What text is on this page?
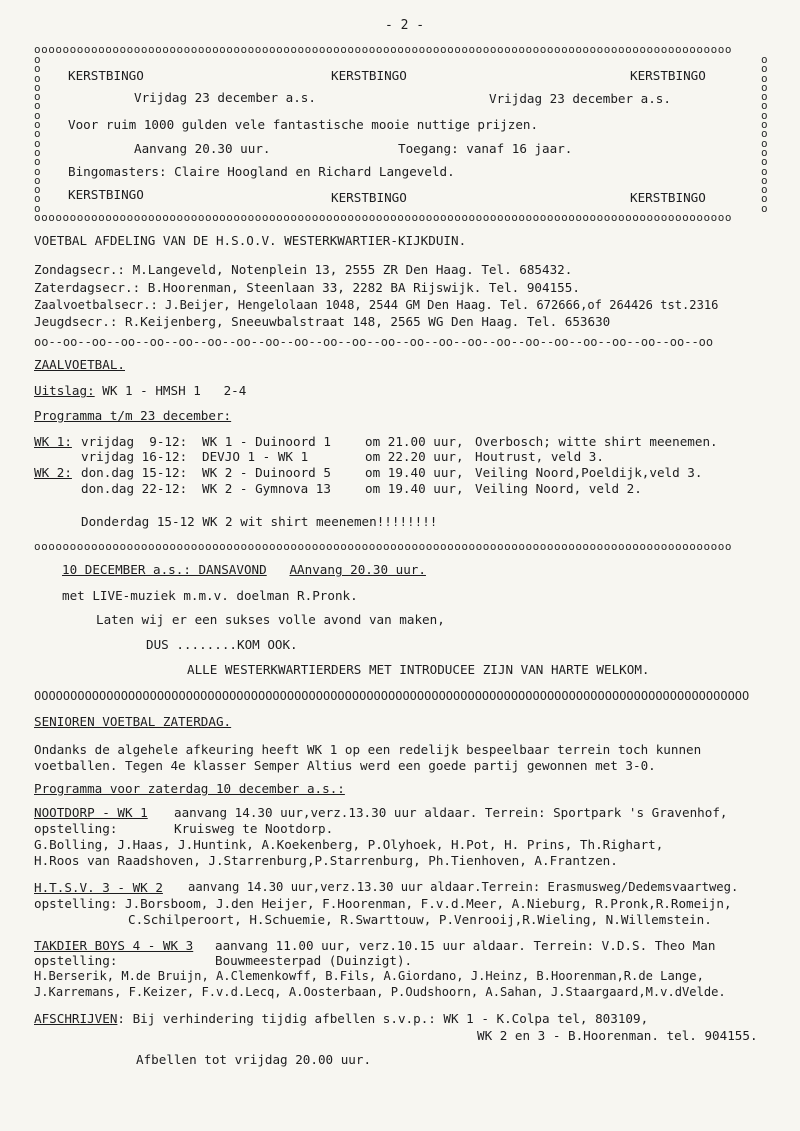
- 2 -
oooooooooooooooooooooooooooooooooooooooooooooooooooooooooooooooooooooooooooooooooooooooooooooooooo
oooooooooooooooooooooooooooooooooooooooooooooooooooooooooooooooooooooooooooooooooooooooooooooooooo
ooooooooooooooooo
ooooooooooooooooo
KERSTBINGO	KERSTBINGO	KERSTBINGO
Vrijdag 23 december a.s.	Vrijdag 23 december a.s.
Voor ruim 1000 gulden vele fantastische mooie nuttige prijzen.
Aanvang 20.30 uur.	Toegang: vanaf 16 jaar.
Bingomasters: Claire Hoogland en Richard Langeveld.
KERSTBINGO	KERSTBINGO	KERSTBINGO
VOETBAL AFDELING VAN DE H.S.O.V. WESTERKWARTIER-KIJKDUIN.
Zondagsecr.: M.Langeveld, Notenplein 13, 2555 ZR Den Haag. Tel. 685432.
Zaterdagsecr.: B.Hoorenman, Steenlaan 33, 2282 BA Rijswijk. Tel. 904155.
Zaalvoetbalsecr.: J.Beijer, Hengelolaan 1048, 2544 GM Den Haag. Tel. 672666,of 264426 tst.2316
Jeugdsecr.: R.Keijenberg, Sneeuwbalstraat 148, 2565 WG Den Haag. Tel. 653630
oo--oo--oo--oo--oo--oo--oo--oo--oo--oo--oo--oo--oo--oo--oo--oo--oo--oo--oo--oo--oo--oo--oo--oo
ZAALVOETBAL.
Uitslag: WK 1 - HMSH 1   2-4
Programma t/m 23 december:
WK 1: vrijdag  9-12: WK 1 - Duinoord 1	om 21.00 uur, Overbosch; witte shirt meenemen.
vrijdag 16-12: DEVJO 1 - WK 1	om 22.20 uur, Houtrust, veld 3.
WK 2: don.dag 15-12: WK 2 - Duinoord 5	om 19.40 uur, Veiling Noord,Poeldijk,veld 3.
don.dag 22-12: WK 2 - Gymnova 13	om 19.40 uur, Veiling Noord, veld 2.
Donderdag 15-12 WK 2 wit shirt meenemen!!!!!!!!
oooooooooooooooooooooooooooooooooooooooooooooooooooooooooooooooooooooooooooooooooooooooooooooooooo
10 DECEMBER a.s.: DANSAVOND AAnvang 20.30 uur.
met LIVE-muziek m.m.v. doelman R.Pronk.
Laten wij er een sukses volle avond van maken,
DUS ........KOM OOK.
ALLE WESTERKWARTIERDERS MET INTRODUCEE ZIJN VAN HARTE WELKOM.
OOOOOOOOOOOOOOOOOOOOOOOOOOOOOOOOOOOOOOOOOOOOOOOOOOOOOOOOOOOOOOOOOOOOOOOOOOOOOOOOOOOOOOOOOOOOOOOOOOO
SENIOREN VOETBAL ZATERDAG.
Ondanks de algehele afkeuring heeft WK 1 op een redelijk bespeelbaar terrein toch kunnen
voetballen. Tegen 4e klasser Semper Altius werd een goede partij gewonnen met 3-0.
Programma voor zaterdag 10 december a.s.:
NOOTDORP - WK 1 aanvang 14.30 uur,verz.13.30 uur aldaar. Terrein: Sportpark 's Gravenhof,
opstelling:	Kruisweg te Nootdorp.
G.Bolling, J.Haas, J.Huntink, A.Koekenberg, P.Olyhoek, H.Pot, H. Prins, Th.Righart,
H.Roos van Raadshoven, J.Starrenburg,P.Starrenburg, Ph.Tienhoven, A.Frantzen.
H.T.S.V. 3 - WK 2 aanvang 14.30 uur,verz.13.30 uur aldaar.Terrein: Erasmusweg/Dedemsvaartweg.
opstelling: J.Borsboom, J.den Heijer, F.Hoorenman, F.v.d.Meer, A.Nieburg, R.Pronk,R.Romeijn,
C.Schilperoort, H.Schuemie, R.Swarttouw, P.Venrooij,R.Wieling, N.Willemstein.
TAKDIER BOYS 4 - WK 3 aanvang 11.00 uur, verz.10.15 uur aldaar. Terrein: V.D.S. Theo Man
opstelling:	Bouwmeesterpad (Duinzigt).
H.Berserik, M.de Bruijn, A.Clemenkowff, B.Fils, A.Giordano, J.Heinz, B.Hoorenman,R.de Lange,
J.Karremans, F.Keizer, F.v.d.Lecq, A.Oosterbaan, P.Oudshoorn, A.Sahan, J.Staargaard,M.v.dVelde.
AFSCHRIJVEN: Bij verhindering tijdig afbellen s.v.p.: WK 1 - K.Colpa tel, 803109,
WK 2 en 3 - B.Hoorenman. tel. 904155.
Afbellen tot vrijdag 20.00 uur.
